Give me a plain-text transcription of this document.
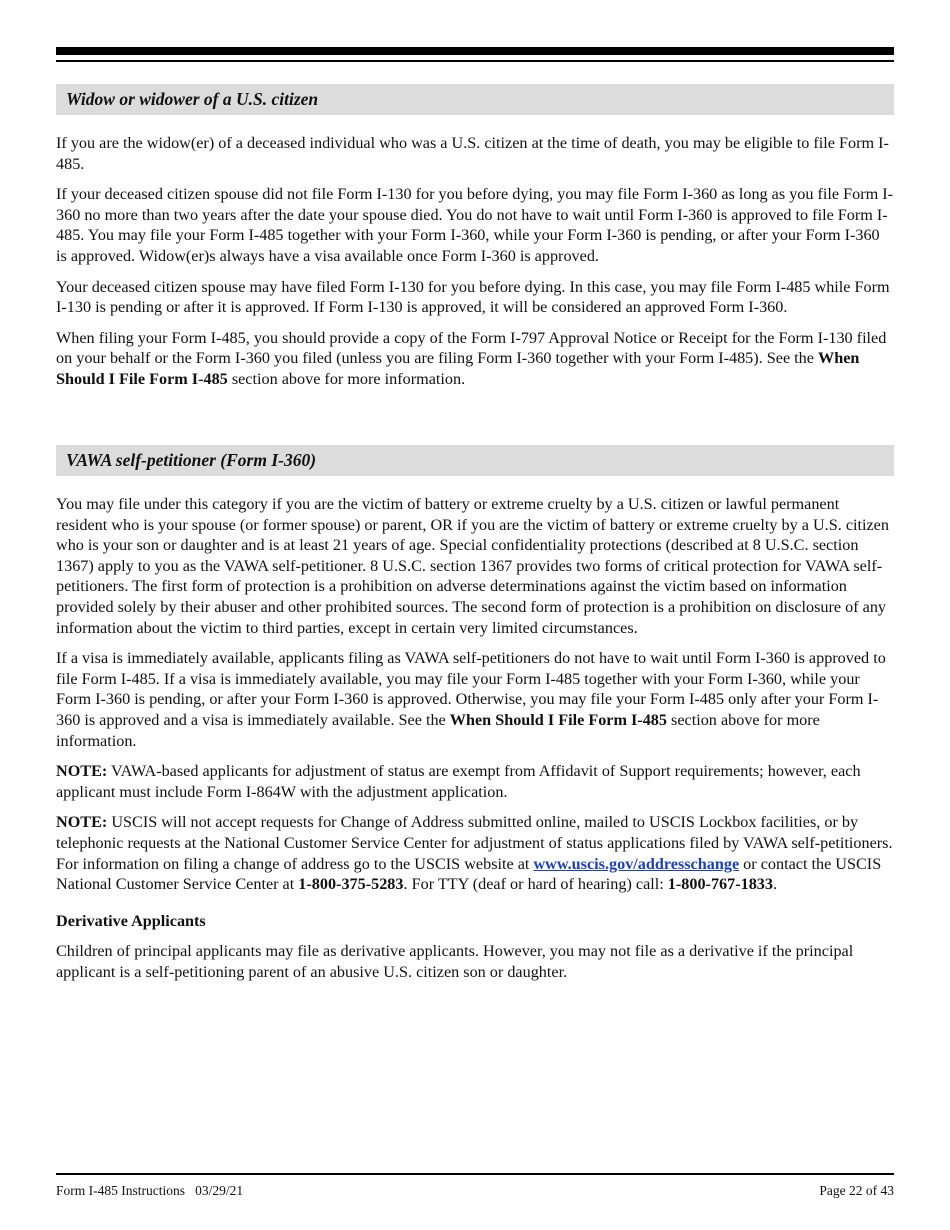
Widow or widower of a U.S. citizen

If you are the widow(er) of a deceased individual who was a U.S. citizen at the time of death, you may be eligible to file Form I-485.

If your deceased citizen spouse did not file Form I-130 for you before dying, you may file Form I-360 as long as you file Form I-360 no more than two years after the date your spouse died. You do not have to wait until Form I-360 is approved to file Form I-485. You may file your Form I-485 together with your Form I-360, while your Form I-360 is pending, or after your Form I-360 is approved. Widow(er)s always have a visa available once Form I-360 is approved.

Your deceased citizen spouse may have filed Form I-130 for you before dying. In this case, you may file Form I-485 while Form I-130 is pending or after it is approved. If Form I-130 is approved, it will be considered an approved Form I-360.

When filing your Form I-485, you should provide a copy of the Form I-797 Approval Notice or Receipt for the Form I-130 filed on your behalf or the Form I-360 you filed (unless you are filing Form I-360 together with your Form I-485). See the When Should I File Form I-485 section above for more information.

VAWA self-petitioner (Form I-360)

You may file under this category if you are the victim of battery or extreme cruelty by a U.S. citizen or lawful permanent resident who is your spouse (or former spouse) or parent, OR if you are the victim of battery or extreme cruelty by a U.S. citizen who is your son or daughter and is at least 21 years of age. Special confidentiality protections (described at 8 U.S.C. section 1367) apply to you as the VAWA self-petitioner. 8 U.S.C. section 1367 provides two forms of critical protection for VAWA self-petitioners. The first form of protection is a prohibition on adverse determinations against the victim based on information provided solely by their abuser and other prohibited sources. The second form of protection is a prohibition on disclosure of any information about the victim to third parties, except in certain very limited circumstances.

If a visa is immediately available, applicants filing as VAWA self-petitioners do not have to wait until Form I-360 is approved to file Form I-485. If a visa is immediately available, you may file your Form I-485 together with your Form I-360, while your Form I-360 is pending, or after your Form I-360 is approved. Otherwise, you may file your Form I-485 only after your Form I-360 is approved and a visa is immediately available. See the When Should I File Form I-485 section above for more information.

NOTE: VAWA-based applicants for adjustment of status are exempt from Affidavit of Support requirements; however, each applicant must include Form I-864W with the adjustment application.

NOTE: USCIS will not accept requests for Change of Address submitted online, mailed to USCIS Lockbox facilities, or by telephonic requests at the National Customer Service Center for adjustment of status applications filed by VAWA self-petitioners. For information on filing a change of address go to the USCIS website at www.uscis.gov/addresschange or contact the USCIS National Customer Service Center at 1-800-375-5283. For TTY (deaf or hard of hearing) call: 1-800-767-1833.

Derivative Applicants

Children of principal applicants may file as derivative applicants. However, you may not file as a derivative if the principal applicant is a self-petitioning parent of an abusive U.S. citizen son or daughter.

Form I-485 Instructions   03/29/21	Page 22 of 43
